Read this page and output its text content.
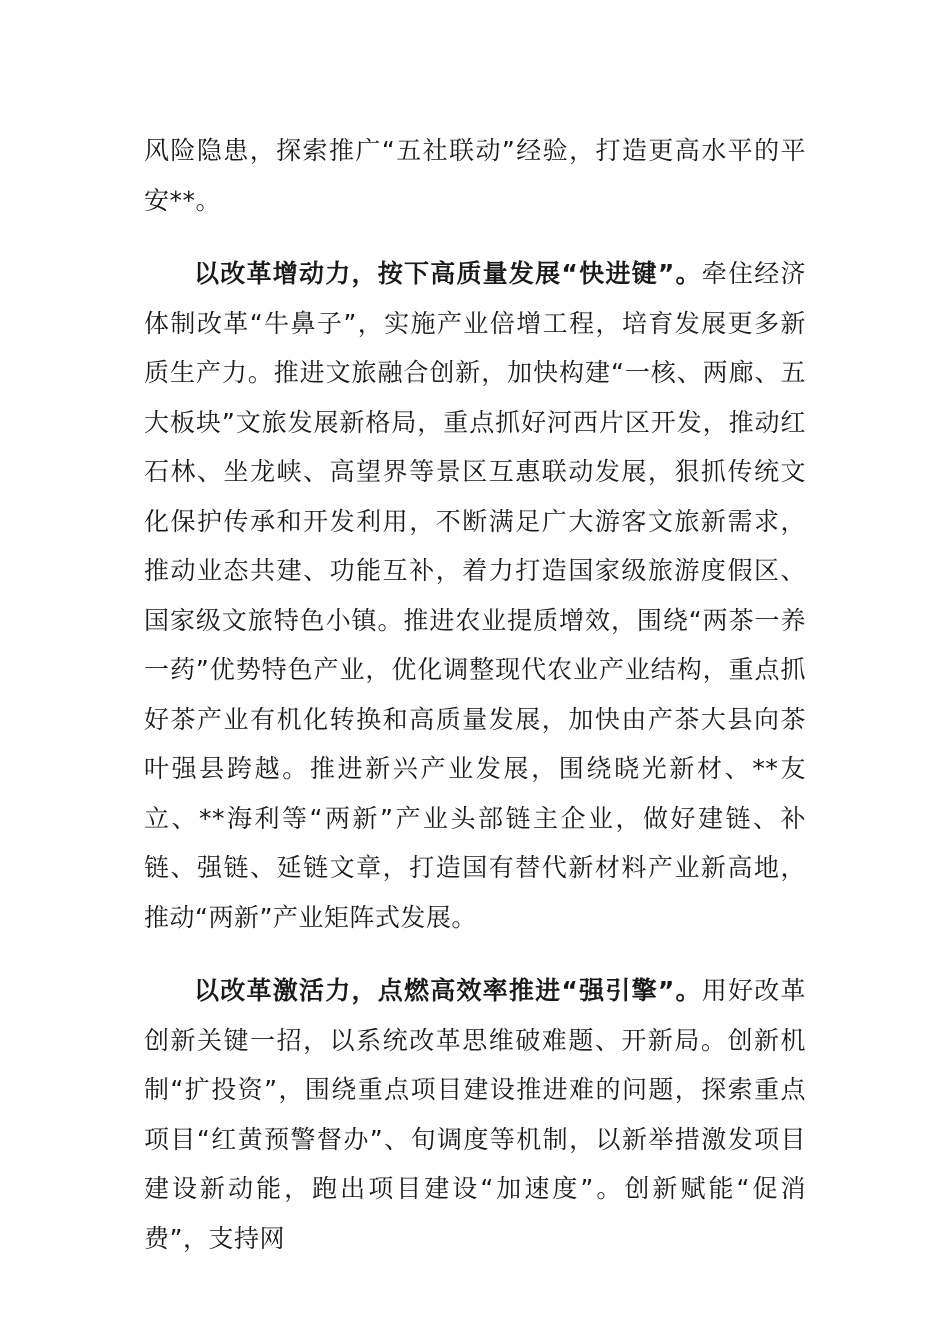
风险隐患，探索推广“五社联动”经验，打造更高水平的平安**。

以改革增动力，按下高质量发展“快进键”。牵住经济体制改革“牛鼻子”，实施产业倍增工程，培育发展更多新质生产力。推进文旅融合创新，加快构建“一核、两廊、五大板块”文旅发展新格局，重点抓好河西片区开发，推动红石林、坐龙峡、高望界等景区互惠联动发展，狠抓传统文化保护传承和开发利用，不断满足广大游客文旅新需求，推动业态共建、功能互补，着力打造国家级旅游度假区、国家级文旅特色小镇。推进农业提质增效，围绕“两茶一养一药”优势特色产业，优化调整现代农业产业结构，重点抓好茶产业有机化转换和高质量发展，加快由产茶大县向茶叶强县跨越。推进新兴产业发展，围绕晓光新材、**友立、**海利等“两新”产业头部链主企业，做好建链、补链、强链、延链文章，打造国有替代新材料产业新高地，推动“两新”产业矩阵式发展。

以改革激活力，点燃高效率推进“强引擎”。用好改革创新关键一招，以系统改革思维破难题、开新局。创新机制“扩投资”，围绕重点项目建设推进难的问题，探索重点项目“红黄预警督办”、旬调度等机制，以新举措激发项目建设新动能，跑出项目建设“加速度”。创新赋能“促消费”，支持网
